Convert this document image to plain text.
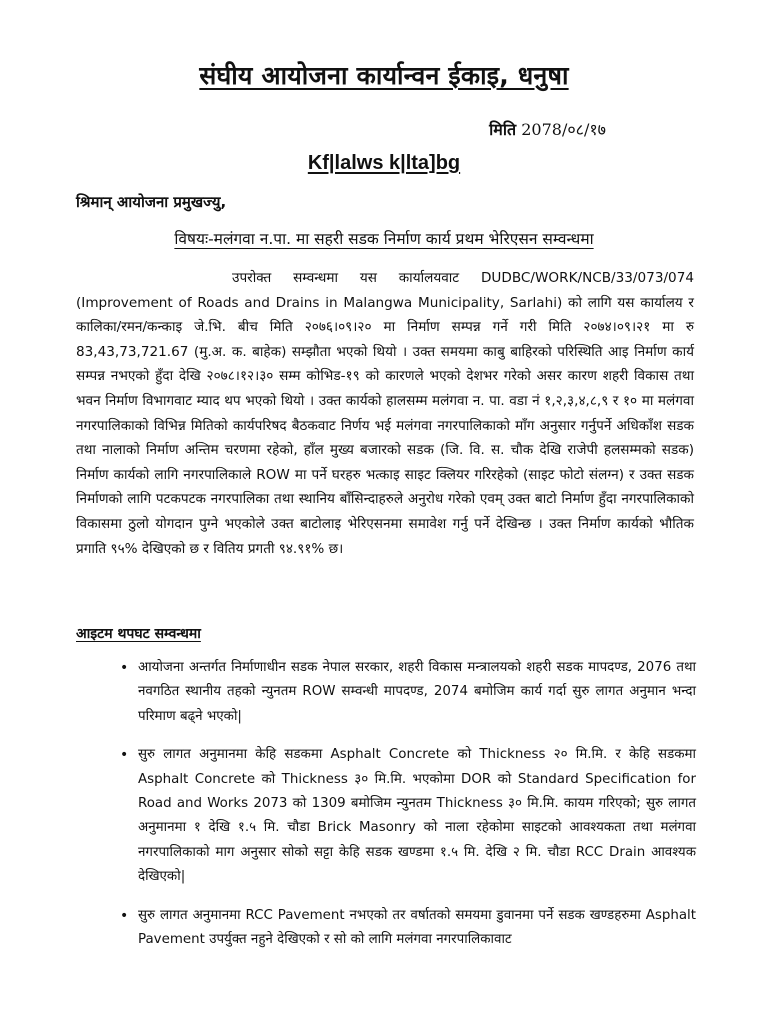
संघीय आयोजना कार्यान्वन ईकाइ, धनुषा
मिति 2078/०८/१७
Kf|lalws k|lta]bg
श्रिमान् आयोजना प्रमुखज्यु,
विषयः-मलंगवा न.पा. मा सहरी सडक निर्माण कार्य प्रथम भेरिएसन सम्वन्धमा

उपरोक्त सम्वन्धमा यस कार्यालयवाट DUDBC/WORK/NCB/33/073/074 (Improvement of Roads and Drains in Malangwa Municipality, Sarlahi) को लागि यस कार्यालय र कालिका/रमन/कन्काइ जे.भि. बीच मिति २०७६।०९।२० मा निर्माण सम्पन्न गर्ने गरी मिति २०७४।०९।२१ मा रु 83,43,73,721.67 (मु.अ. क. बाहेक) सम्झौता भएको थियो । उक्त समयमा काबु बाहिरको परिस्थिति आइ निर्माण कार्य सम्पन्न नभएको हुँदा देखि २०७८।१२।३० सम्म कोभिड-१९ को कारणले भएको देशभर गरेको असर कारण शहरी विकास तथा भवन निर्माण विभागवाट म्याद थप भएको थियो । उक्त कार्यको हालसम्म मलंगवा न. पा. वडा नं १,२,३,४,८,९ र १० मा मलंगवा नगरपालिकाको विभिन्न मितिको कार्यपरिषद बैठकवाट निर्णय भई मलंगवा नगरपालिकाको माँग अनुसार गर्नुपर्ने अधिकाँश सडक तथा नालाको निर्माण अन्तिम चरणमा रहेको, हाँल मुख्य बजारको सडक (जि. वि. स. चौक देखि राजेपी हलसम्मको सडक) निर्माण कार्यको लागि नगरपालिकाले ROW मा पर्ने घरहरु भत्काइ साइट क्लियर गरिरहेको (साइट फोटो संलग्न) र उक्त सडक निर्माणको लागि पटकपटक नगरपालिका तथा स्थानिय बाँसिन्दाहरुले अनुरोध गरेको एवम् उक्त बाटो निर्माण हुँदा नगरपालिकाको विकासमा ठुलो योगदान पुग्ने भएकोले उक्त बाटोलाइ भेरिएसनमा समावेश गर्नु पर्ने देखिन्छ । उक्त निर्माण कार्यको भौतिक प्रगाति ९५% देखिएको छ र वितिय प्रगती ९४.९१% छ।

आइटम थपघट सम्वन्धमा
• आयोजना अन्तर्गत निर्माणाधीन सडक नेपाल सरकार, शहरी विकास मन्त्रालयको शहरी सडक मापदण्ड, 2076 तथा नवगठित स्थानीय तहको न्युनतम ROW सम्वन्धी मापदण्ड, 2074 बमोजिम कार्य गर्दा सुरु लागत अनुमान भन्दा परिमाण बढ्ने भएको|
• सुरु लागत अनुमानमा केहि सडकमा Asphalt Concrete को Thickness २० मि.मि. र केहि सडकमा Asphalt Concrete को Thickness ३० मि.मि. भएकोमा DOR को Standard Specification for Road and Works 2073 को 1309 बमोजिम न्युनतम Thickness ३० मि.मि. कायम गरिएको; सुरु लागत अनुमानमा १ देखि १.५ मि. चौडा Brick Masonry को नाला रहेकोमा साइटको आवश्यकता तथा मलंगवा नगरपालिकाको माग अनुसार सोको सट्टा केहि सडक खण्डमा १.५ मि. देखि २ मि. चौडा RCC Drain आवश्यक देखिएको|
• सुरु लागत अनुमानमा RCC Pavement नभएको तर वर्षातको समयमा डुवानमा पर्ने सडक खण्डहरुमा Asphalt Pavement उपर्युक्त नहुने देखिएको र सो को लागि मलंगवा नगरपालिकावाट
